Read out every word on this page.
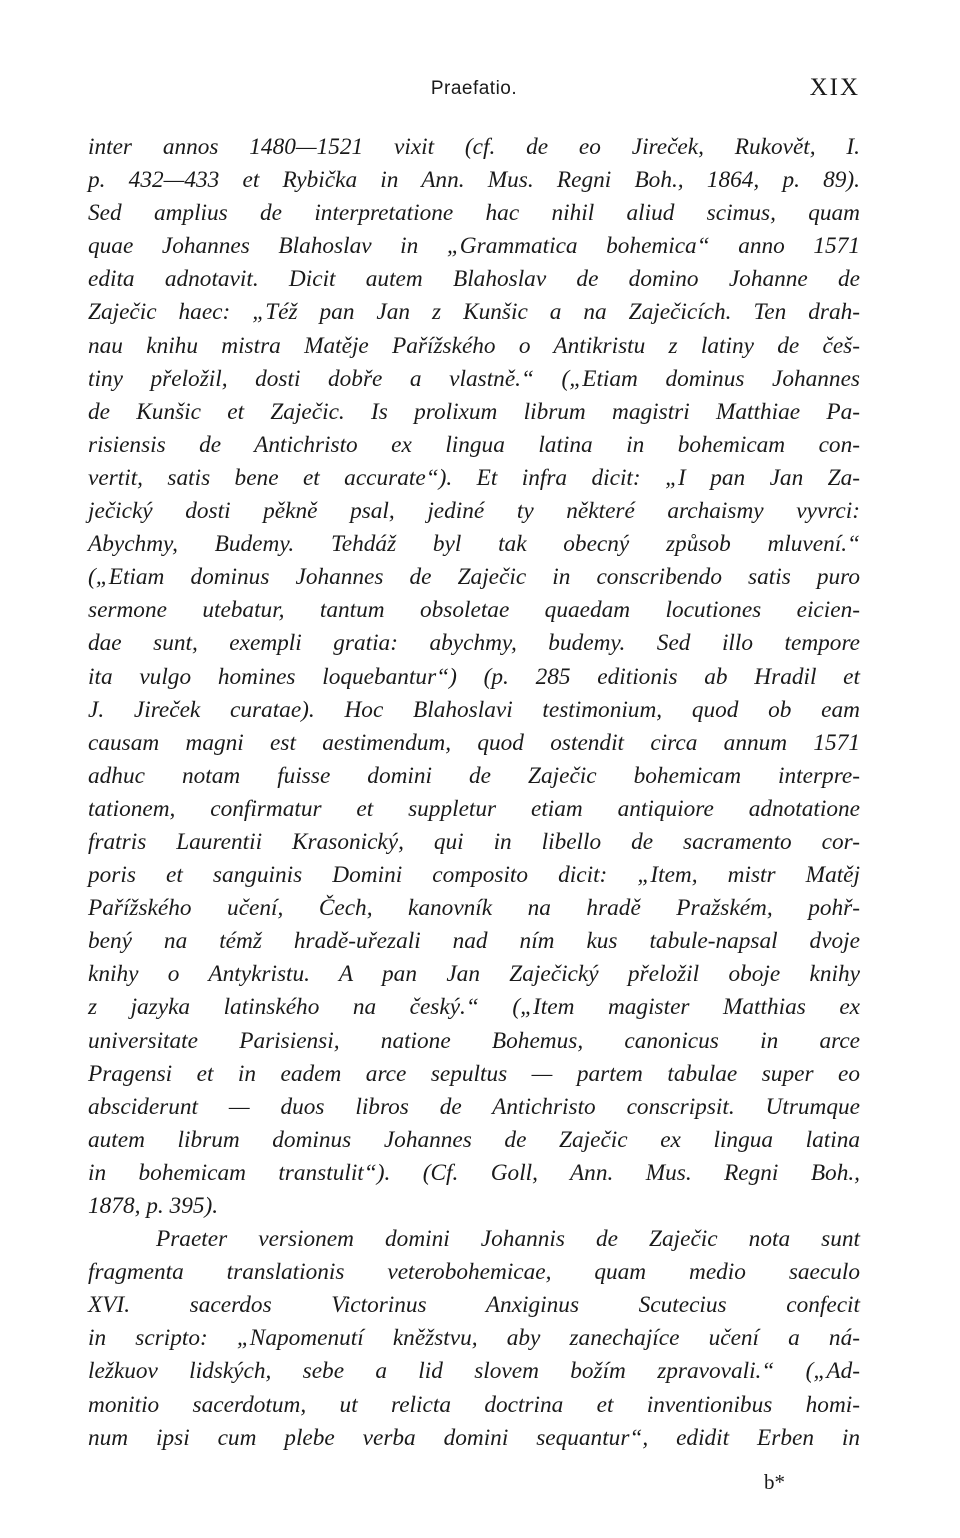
Praefatio.	XIX
inter annos 1480—1521 vixit (cf. de eo Jireček, Rukovět, I.
p. 432—433 et Rybička in Ann. Mus. Regni Boh., 1864, p. 89).
Sed amplius de interpretatione hac nihil aliud scimus, quam
quae Johannes Blahoslav in „Grammatica bohemica“ anno 1571
edita adnotavit. Dicit autem Blahoslav de domino Johanne de
Zaječic haec: „Též pan Jan z Kunšic a na Zaječicích. Ten drah-
nau knihu mistra Matěje Pařížského o Antikristu z latiny de češ-
tiny přeložil, dosti dobře a vlastně.“ („Etiam dominus Johannes
de Kunšic et Zaječic. Is prolixum librum magistri Matthiae Pa-
risiensis de Antichristo ex lingua latina in bohemicam con-
vertit, satis bene et accurate“). Et infra dicit: „I pan Jan Za-
ječický dosti pěkně psal, jediné ty některé archaismy vyvrci:
Abychmy, Budemy. Tehdáž byl tak obecný způsob mluvení.“
(„Etiam dominus Johannes de Zaječic in conscribendo satis puro
sermone utebatur, tantum obsoletae quaedam locutiones eicien-
dae sunt, exempli gratia: abychmy, budemy. Sed illo tempore
ita vulgo homines loquebantur“) (p. 285 editionis ab Hradil et
J. Jireček curatae). Hoc Blahoslavi testimonium, quod ob eam
causam magni est aestimendum, quod ostendit circa annum 1571
adhuc notam fuisse domini de Zaječic bohemicam interpre-
tationem, confirmatur et suppletur etiam antiquiore adnotatione
fratris Laurentii Krasonický, qui in libello de sacramento cor-
poris et sanguinis Domini composito dicit: „Item, mistr Matěj
Pařížského učení, Čech, kanovník na hradě Pražském, pohř-
bený na témž hradě-uřezali nad ním kus tabule-napsal dvoje
knihy o Antykristu. A pan Jan Zaječický přeložil oboje knihy
z jazyka latinského na český.“ („Item magister Matthias ex
universitate Parisiensi, natione Bohemus, canonicus in arce
Pragensi et in eadem arce sepultus — partem tabulae super eo
absciderunt — duos libros de Antichristo conscripsit. Utrumque
autem librum dominus Johannes de Zaječic ex lingua latina
in bohemicam transtulit“). (Cf. Goll, Ann. Mus. Regni Boh.,
1878, p. 395).
Praeter versionem domini Johannis de Zaječic nota sunt
fragmenta translationis veterobohemicae, quam medio saeculo
XVI. sacerdos Victorinus Anxiginus Scutecius confecit
in scripto: „Napomenutí kněžstvu, aby zanechajíce učení a ná-
ležkuov lidských, sebe a lid slovem božím zpravovali.“ („Ad-
monitio sacerdotum, ut relicta doctrina et inventionibus homi-
num ipsi cum plebe verba domini sequantur“, edidit Erben in
b*
